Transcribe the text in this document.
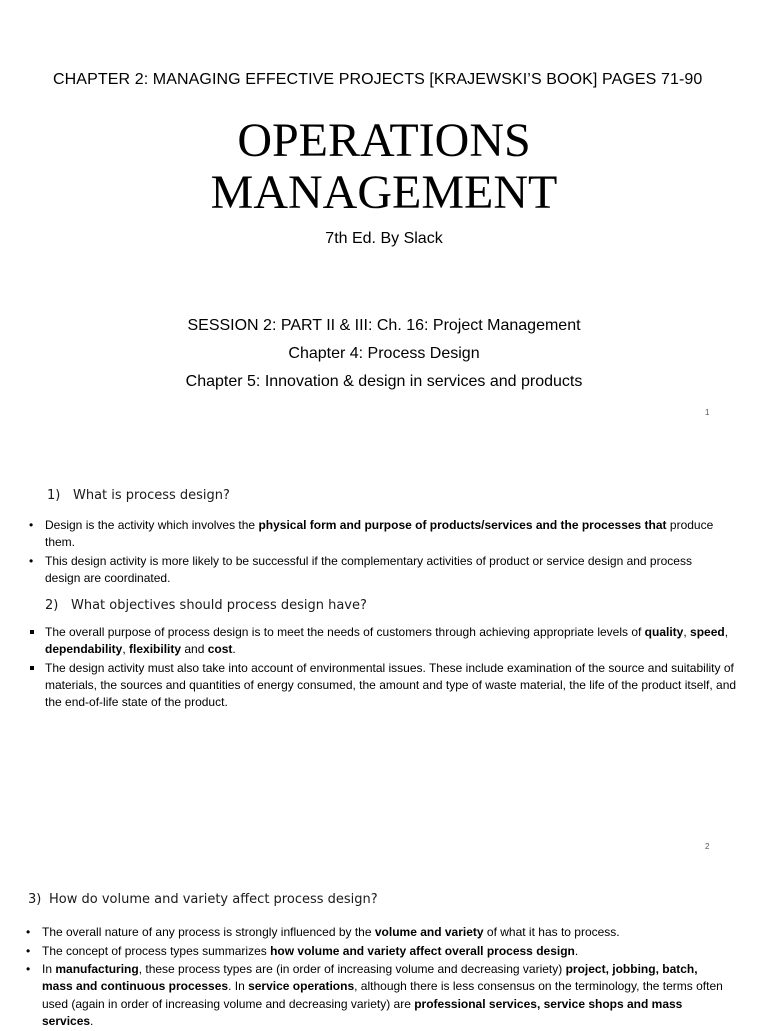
CHAPTER 2: MANAGING EFFECTIVE PROJECTS [KRAJEWSKI’S BOOK] PAGES 71-90
OPERATIONS
MANAGEMENT
7th Ed. By Slack
SESSION 2: PART II & III: Ch. 16: Project Management
Chapter 4: Process Design
Chapter 5: Innovation & design in services and products
1
1) What is process design?
• Design is the activity which involves the physical form and purpose of products/services and the processes that produce them.
• This design activity is more likely to be successful if the complementary activities of product or service design and process design are coordinated.
2) What objectives should process design have?
The overall purpose of process design is to meet the needs of customers through achieving appropriate levels of quality, speed, dependability, flexibility and cost.
The design activity must also take into account of environmental issues. These include examination of the source and suitability of materials, the sources and quantities of energy consumed, the amount and type of waste material, the life of the product itself, and the end-of-life state of the product.
2
3) How do volume and variety affect process design?
• The overall nature of any process is strongly influenced by the volume and variety of what it has to process.
• The concept of process types summarizes how volume and variety affect overall process design.
• In manufacturing, these process types are (in order of increasing volume and decreasing variety) project, jobbing, batch, mass and continuous processes. In service operations, although there is less consensus on the terminology, the terms often used (again in order of increasing volume and decreasing variety) are professional services, service shops and mass services.
